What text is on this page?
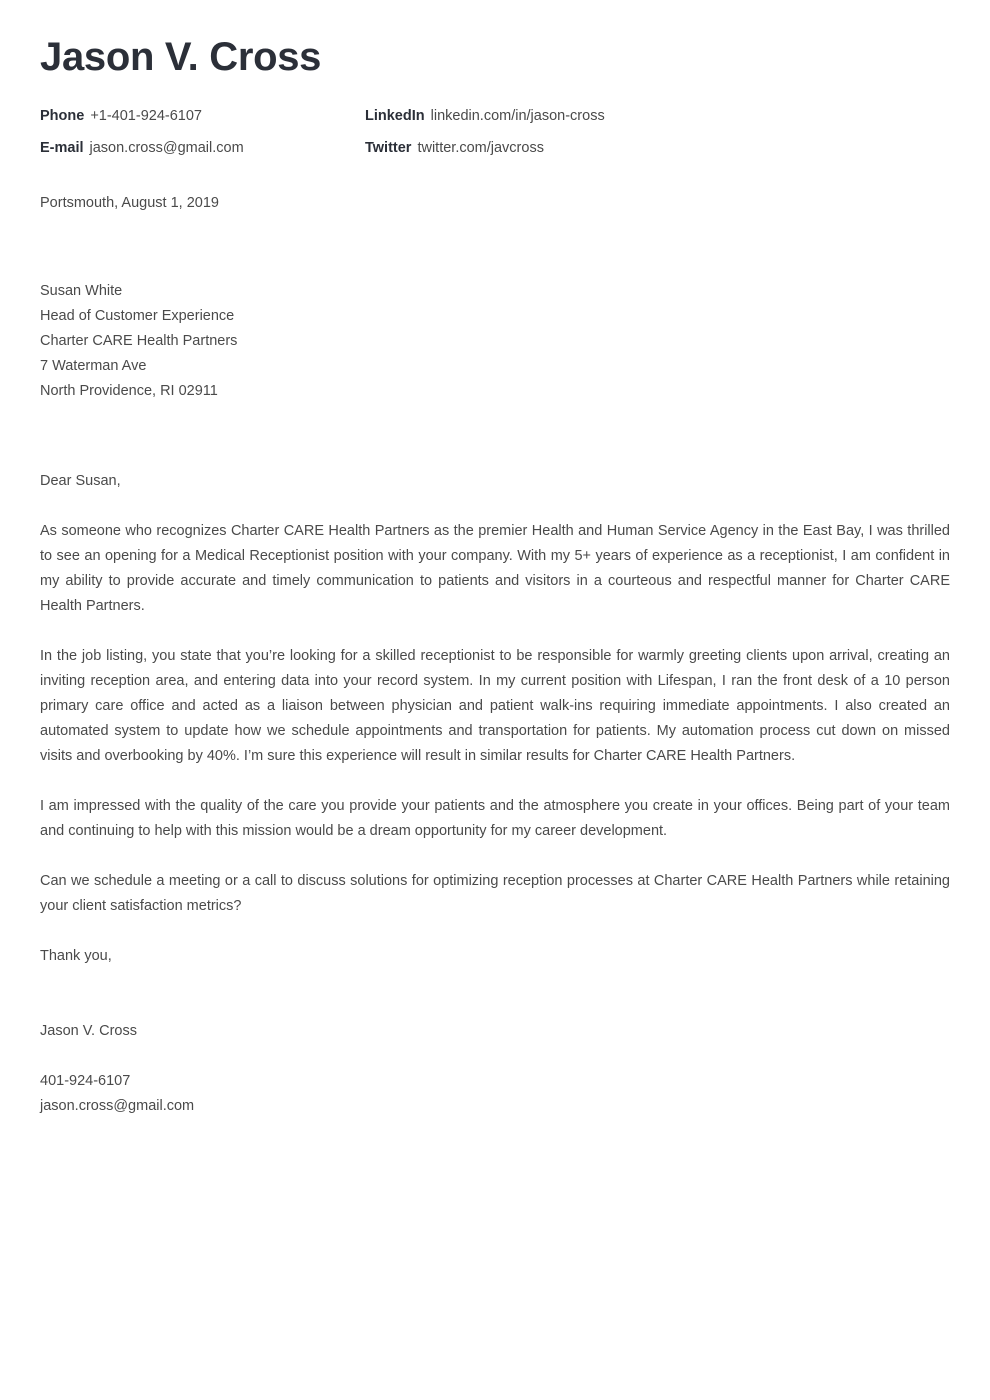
Jason V. Cross
Phone +1-401-924-6107	LinkedIn linkedin.com/in/jason-cross
E-mail jason.cross@gmail.com	Twitter twitter.com/javcross
Portsmouth, August 1, 2019
Susan White
Head of Customer Experience
Charter CARE Health Partners
7 Waterman Ave
North Providence, RI 02911

Dear Susan,

As someone who recognizes Charter CARE Health Partners as the premier Health and Human Service Agency in the East Bay, I was thrilled to see an opening for a Medical Receptionist position with your company. With my 5+ years of experience as a receptionist, I am confident in my ability to provide accurate and timely communication to patients and visitors in a courteous and respectful manner for Charter CARE Health Partners.

In the job listing, you state that you’re looking for a skilled receptionist to be responsible for warmly greeting clients upon arrival, creating an inviting reception area, and entering data into your record system. In my current position with Lifespan, I ran the front desk of a 10 person primary care office and acted as a liaison between physician and patient walk-ins requiring immediate appointments. I also created an automated system to update how we schedule appointments and transportation for patients. My automation process cut down on missed visits and overbooking by 40%. I’m sure this experience will result in similar results for Charter CARE Health Partners.

I am impressed with the quality of the care you provide your patients and the atmosphere you create in your offices. Being part of your team and continuing to help with this mission would be a dream opportunity for my career development.

Can we schedule a meeting or a call to discuss solutions for optimizing reception processes at Charter CARE Health Partners while retaining your client satisfaction metrics?

Thank you,

Jason V. Cross

401-924-6107
jason.cross@gmail.com
